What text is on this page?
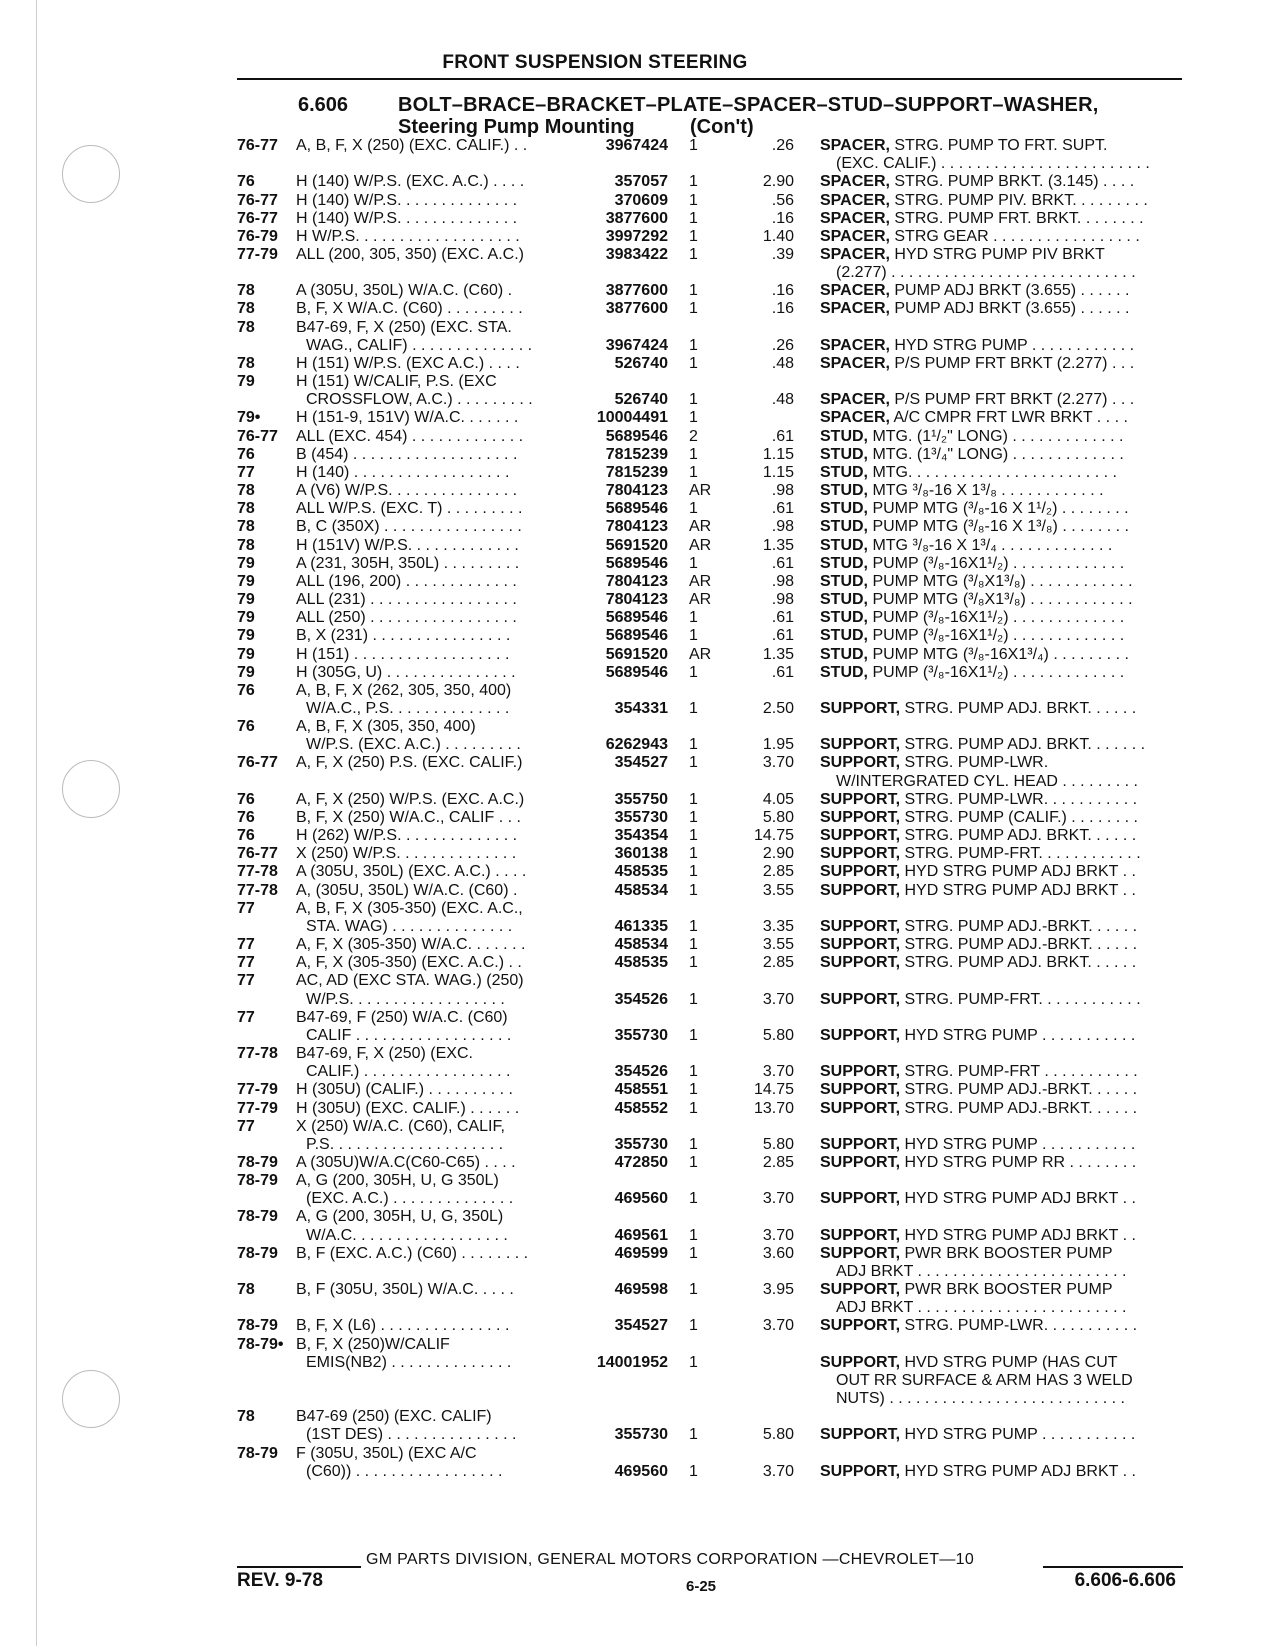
FRONT SUSPENSION STEERING
6.606 BOLT–BRACE–BRACKET–PLATE–SPACER–STUD–SUPPORT–WASHER,
Steering Pump Mounting	(Con't)
76-77 A, B, F, X (250) (EXC. CALIF.) . .	3967424 1	.26 SPACER, STRG. PUMP TO FRT. SUPT.
(EXC. CALIF.) . . . . . . . . . . . . . . . . . . . . . . . .
76	H (140) W/P.S. (EXC. A.C.) . . . .	357057 1	2.90 SPACER, STRG. PUMP BRKT. (3.145) . . . .
76-77 H (140) W/P.S. . . . . . . . . . . . . .	370609 1	.56 SPACER, STRG. PUMP PIV. BRKT. . . . . . . . .
76-77 H (140) W/P.S. . . . . . . . . . . . . .	3877600 1	.16 SPACER, STRG. PUMP FRT. BRKT. . . . . . . .
76-79 H W/P.S. . . . . . . . . . . . . . . . . . .	3997292 1	1.40 SPACER, STRG GEAR . . . . . . . . . . . . . . . . .
77-79 ALL (200, 305, 350) (EXC. A.C.)	3983422 1	.39 SPACER, HYD STRG PUMP PIV BRKT
(2.277) . . . . . . . . . . . . . . . . . . . . . . . . . . . .
78	A (305U, 350L) W/A.C. (C60) .	3877600 1	.16 SPACER, PUMP ADJ BRKT (3.655) . . . . . .
78	B, F, X W/A.C. (C60) . . . . . . . . .	3877600 1	.16 SPACER, PUMP ADJ BRKT (3.655) . . . . . .
78	B47-69, F, X (250) (EXC. STA.
WAG., CALIF) . . . . . . . . . . . . . .	3967424 1	.26 SPACER, HYD STRG PUMP . . . . . . . . . . . .
78	H (151) W/P.S. (EXC A.C.) . . . .	526740 1	.48 SPACER, P/S PUMP FRT BRKT (2.277) . . .
79	H (151) W/CALIF, P.S. (EXC
CROSSFLOW, A.C.) . . . . . . . . .	526740 1	.48 SPACER, P/S PUMP FRT BRKT (2.277) . . .
79• H (151-9, 151V) W/A.C. . . . . . .	10004491 1	SPACER, A/C CMPR FRT LWR BRKT . . . .
76-77 ALL (EXC. 454) . . . . . . . . . . . . .	5689546 2	.61 STUD, MTG. (1¹/₂" LONG) . . . . . . . . . . . . .
76	B (454) . . . . . . . . . . . . . . . . . . .	7815239 1	1.15 STUD, MTG. (1³/₄" LONG) . . . . . . . . . . . . .
77	H (140) . . . . . . . . . . . . . . . . . .	7815239 1	1.15 STUD, MTG. . . . . . . . . . . . . . . . . . . . . . . .
78	A (V6) W/P.S. . . . . . . . . . . . . . .	7804123 AR	.98 STUD, MTG ³/₈-16 X 1³/₈ . . . . . . . . . . . .
78	ALL W/P.S. (EXC. T) . . . . . . . . .	5689546 1	.61 STUD, PUMP MTG (³/₈-16 X 1¹/₂) . . . . . . . .
78	B, C (350X) . . . . . . . . . . . . . . . .	7804123 AR	.98 STUD, PUMP MTG (³/₈-16 X 1³/₈) . . . . . . . .
78	H (151V) W/P.S. . . . . . . . . . . . .	5691520 AR	1.35 STUD, MTG ³/₈-16 X 1³/₄ . . . . . . . . . . . . .
79	A (231, 305H, 350L) . . . . . . . . .	5689546 1	.61 STUD, PUMP (³/₈-16X1¹/₂) . . . . . . . . . . . . .
79	ALL (196, 200) . . . . . . . . . . . . .	7804123 AR	.98 STUD, PUMP MTG (³/₈X1³/₈) . . . . . . . . . . . .
79	ALL (231) . . . . . . . . . . . . . . . . .	7804123 AR	.98 STUD, PUMP MTG (³/₈X1³/₈) . . . . . . . . . . . .
79	ALL (250) . . . . . . . . . . . . . . . . .	5689546 1	.61 STUD, PUMP (³/₈-16X1¹/₂) . . . . . . . . . . . . .
79	B, X (231) . . . . . . . . . . . . . . . .	5689546 1	.61 STUD, PUMP (³/₈-16X1¹/₂) . . . . . . . . . . . . .
79	H (151) . . . . . . . . . . . . . . . . . .	5691520 AR	1.35 STUD, PUMP MTG (³/₈-16X1³/₄) . . . . . . . . .
79	H (305G, U) . . . . . . . . . . . . . . .	5689546 1	.61 STUD, PUMP (³/₈-16X1¹/₂) . . . . . . . . . . . . .
76	A, B, F, X (262, 305, 350, 400)
W/A.C., P.S. . . . . . . . . . . . . .	354331 1	2.50 SUPPORT, STRG. PUMP ADJ. BRKT. . . . . .
76	A, B, F, X (305, 350, 400)
W/P.S. (EXC. A.C.) . . . . . . . . .	6262943 1	1.95 SUPPORT, STRG. PUMP ADJ. BRKT. . . . . . .
76-77 A, F, X (250) P.S. (EXC. CALIF.)	354527 1	3.70 SUPPORT, STRG. PUMP-LWR.
W/INTERGRATED CYL. HEAD . . . . . . . . .
76	A, F, X (250) W/P.S. (EXC. A.C.)	355750 1	4.05 SUPPORT, STRG. PUMP-LWR. . . . . . . . . . .
76	B, F, X (250) W/A.C., CALIF . . .	355730 1	5.80 SUPPORT, STRG. PUMP (CALIF.) . . . . . . . .
76	H (262) W/P.S. . . . . . . . . . . . . .	354354 1	14.75 SUPPORT, STRG. PUMP ADJ. BRKT. . . . . .
76-77 X (250) W/P.S. . . . . . . . . . . . . .	360138 1	2.90 SUPPORT, STRG. PUMP-FRT. . . . . . . . . . . .
77-78 A (305U, 350L) (EXC. A.C.) . . . .	458535 1	2.85 SUPPORT, HYD STRG PUMP ADJ BRKT . .
77-78 A, (305U, 350L) W/A.C. (C60) .	458534 1	3.55 SUPPORT, HYD STRG PUMP ADJ BRKT . .
77	A, B, F, X (305-350) (EXC. A.C.,
STA. WAG) . . . . . . . . . . . . . .	461335 1	3.35 SUPPORT, STRG. PUMP ADJ.-BRKT. . . . . .
77	A, F, X (305-350) W/A.C. . . . . . .	458534 1	3.55 SUPPORT, STRG. PUMP ADJ.-BRKT. . . . . .
77	A, F, X (305-350) (EXC. A.C.) . .	458535 1	2.85 SUPPORT, STRG. PUMP ADJ. BRKT. . . . . .
77	AC, AD (EXC STA. WAG.) (250)
W/P.S. . . . . . . . . . . . . . . . . .	354526 1	3.70 SUPPORT, STRG. PUMP-FRT. . . . . . . . . . . .
77	B47-69, F (250) W/A.C. (C60)
CALIF . . . . . . . . . . . . . . . . . .	355730 1	5.80 SUPPORT, HYD STRG PUMP . . . . . . . . . . .
77-78 B47-69, F, X (250) (EXC.
CALIF.) . . . . . . . . . . . . . . . . .	354526 1	3.70 SUPPORT, STRG. PUMP-FRT . . . . . . . . . . .
77-79 H (305U) (CALIF.) . . . . . . . . . .	458551 1	14.75 SUPPORT, STRG. PUMP ADJ.-BRKT. . . . . .
77-79 H (305U) (EXC. CALIF.) . . . . . .	458552 1	13.70 SUPPORT, STRG. PUMP ADJ.-BRKT. . . . . .
77	X (250) W/A.C. (C60), CALIF,
P.S. . . . . . . . . . . . . . . . . . . .	355730 1	5.80 SUPPORT, HYD STRG PUMP . . . . . . . . . . .
78-79 A (305U)W/A.C(C60-C65) . . . .	472850 1	2.85 SUPPORT, HYD STRG PUMP RR . . . . . . . .
78-79 A, G (200, 305H, U, G 350L)
(EXC. A.C.) . . . . . . . . . . . . . .	469560 1	3.70 SUPPORT, HYD STRG PUMP ADJ BRKT . .
78-79 A, G (200, 305H, U, G, 350L)
W/A.C. . . . . . . . . . . . . . . . . .	469561 1	3.70 SUPPORT, HYD STRG PUMP ADJ BRKT . .
78-79 B, F (EXC. A.C.) (C60) . . . . . . . .	469599 1	3.60 SUPPORT, PWR BRK BOOSTER PUMP
ADJ BRKT . . . . . . . . . . . . . . . . . . . . . . . .
78	B, F (305U, 350L) W/A.C. . . . .	469598 1	3.95 SUPPORT, PWR BRK BOOSTER PUMP
ADJ BRKT . . . . . . . . . . . . . . . . . . . . . . . .
78-79 B, F, X (L6) . . . . . . . . . . . . . . .	354527 1	3.70 SUPPORT, STRG. PUMP-LWR. . . . . . . . . . .
78-79• B, F, X (250)W/CALIF
EMIS(NB2) . . . . . . . . . . . . . .	14001952 1	SUPPORT, HVD STRG PUMP (HAS CUT
OUT RR SURFACE & ARM HAS 3 WELD
NUTS) . . . . . . . . . . . . . . . . . . . . . . . . . . .
78	B47-69 (250) (EXC. CALIF)
(1ST DES) . . . . . . . . . . . . . . .	355730 1	5.80 SUPPORT, HYD STRG PUMP . . . . . . . . . . .
78-79 F (305U, 350L) (EXC A/C
(C60)) . . . . . . . . . . . . . . . . .	469560 1	3.70 SUPPORT, HYD STRG PUMP ADJ BRKT . .
GM PARTS DIVISION, GENERAL MOTORS CORPORATION —CHEVROLET—10
REV. 9-78	6-25	6.606-6.606
